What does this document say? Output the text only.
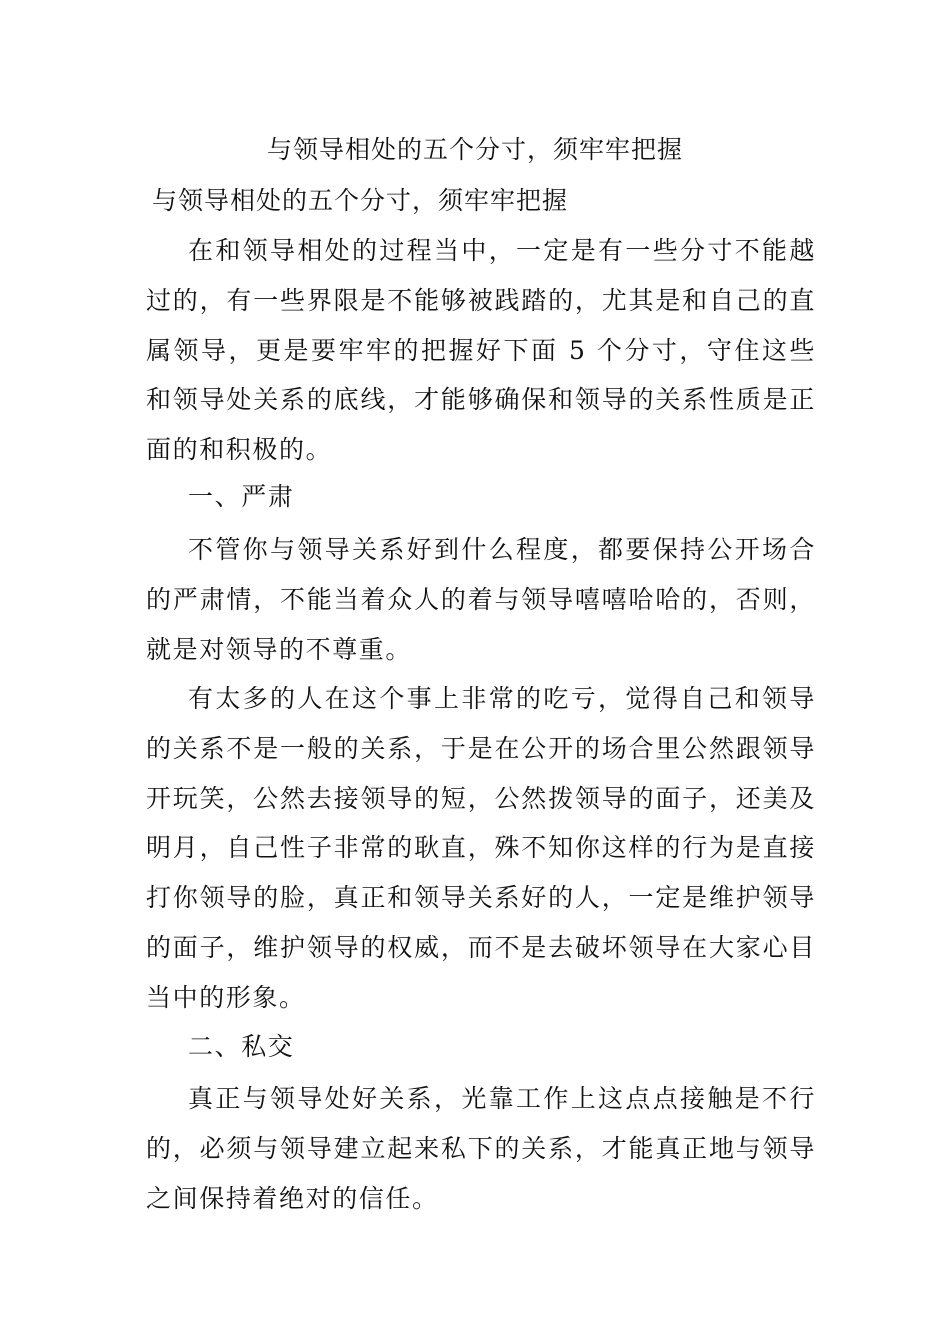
与领导相处的五个分寸，须牢牢把握
与领导相处的五个分寸，须牢牢把握

在和领导相处的过程当中，一定是有一些分寸不能越过的，有一些界限是不能够被践踏的，尤其是和自己的直属领导，更是要牢牢的把握好下面 5 个分寸，守住这些和领导处关系的底线，才能够确保和领导的关系性质是正面的和积极的。

一、严肃

不管你与领导关系好到什么程度，都要保持公开场合的严肃情，不能当着众人的着与领导嘻嘻哈哈的，否则，就是对领导的不尊重。

有太多的人在这个事上非常的吃亏，觉得自己和领导的关系不是一般的关系，于是在公开的场合里公然跟领导开玩笑，公然去接领导的短，公然拨领导的面子，还美及明月，自己性子非常的耿直，殊不知你这样的行为是直接打你领导的脸，真正和领导关系好的人，一定是维护领导的面子，维护领导的权威，而不是去破坏领导在大家心目当中的形象。

二、私交

真正与领导处好关系，光靠工作上这点点接触是不行的，必须与领导建立起来私下的关系，才能真正地与领导之间保持着绝对的信任。
